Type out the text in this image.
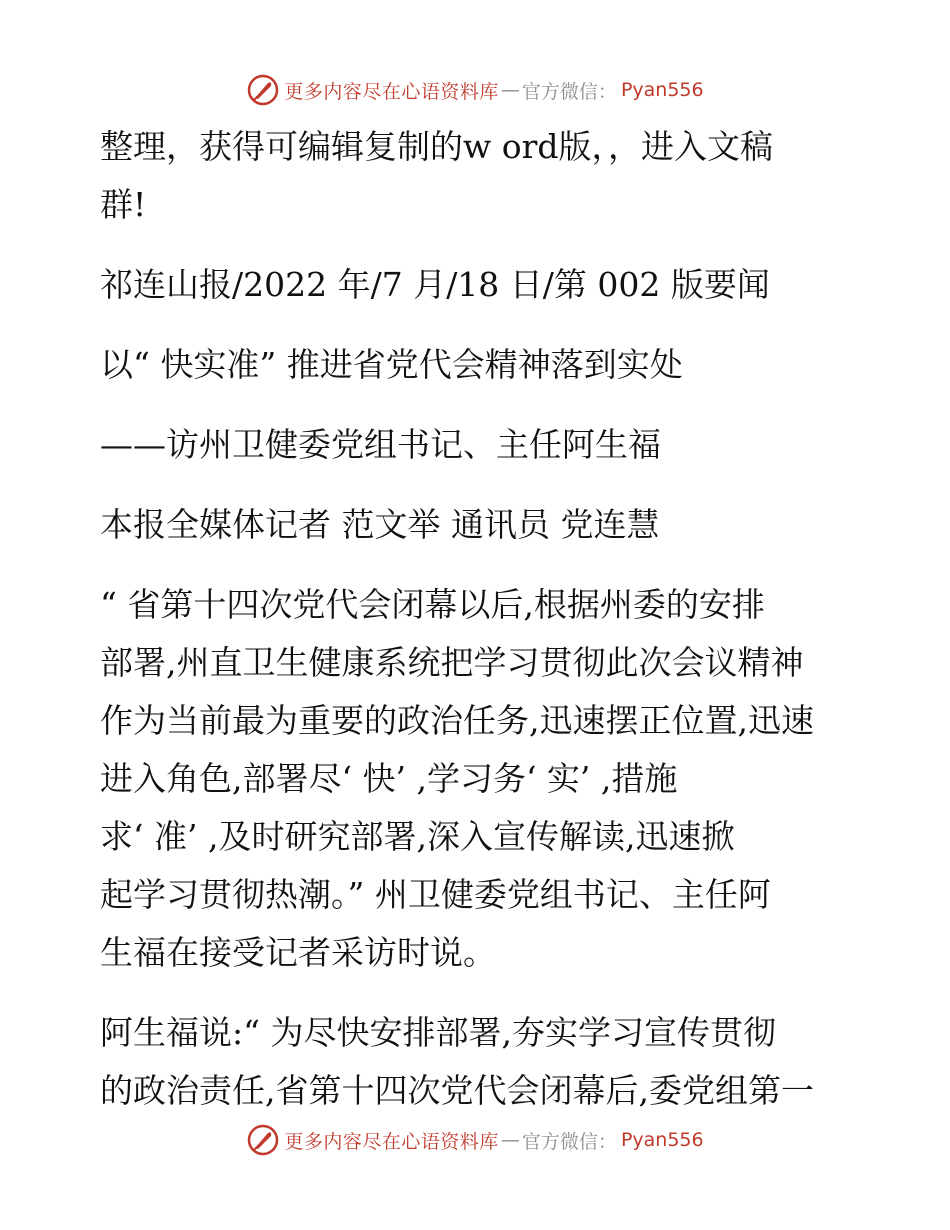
更多内容尽在心语资料库 — 官方微信： Pyan556
整理，获得可编辑复制的w ord版，，进入文稿
群!
祁连山报/2022 年/7 月/18 日/第 002 版要闻
以“ 快实准” 推进省党代会精神落到实处
——访州卫健委党组书记、主任阿生福
本报全媒体记者 范文举 通讯员 党连慧
“ 省第十四次党代会闭幕以后,根据州委的安排
部署,州直卫生健康系统把学习贯彻此次会议精神
作为当前最为重要的政治任务,迅速摆正位置,迅速
进入角色,部署尽‘ 快’ ,学习务‘ 实’ ,措施
求‘ 准’ ,及时研究部署,深入宣传解读,迅速掀
起学习贯彻热潮。” 州卫健委党组书记、主任阿
生福在接受记者采访时说。
阿生福说:“ 为尽快安排部署,夯实学习宣传贯彻
的政治责任,省第十四次党代会闭幕后,委党组第一
更多内容尽在心语资料库 — 官方微信： Pyan556
